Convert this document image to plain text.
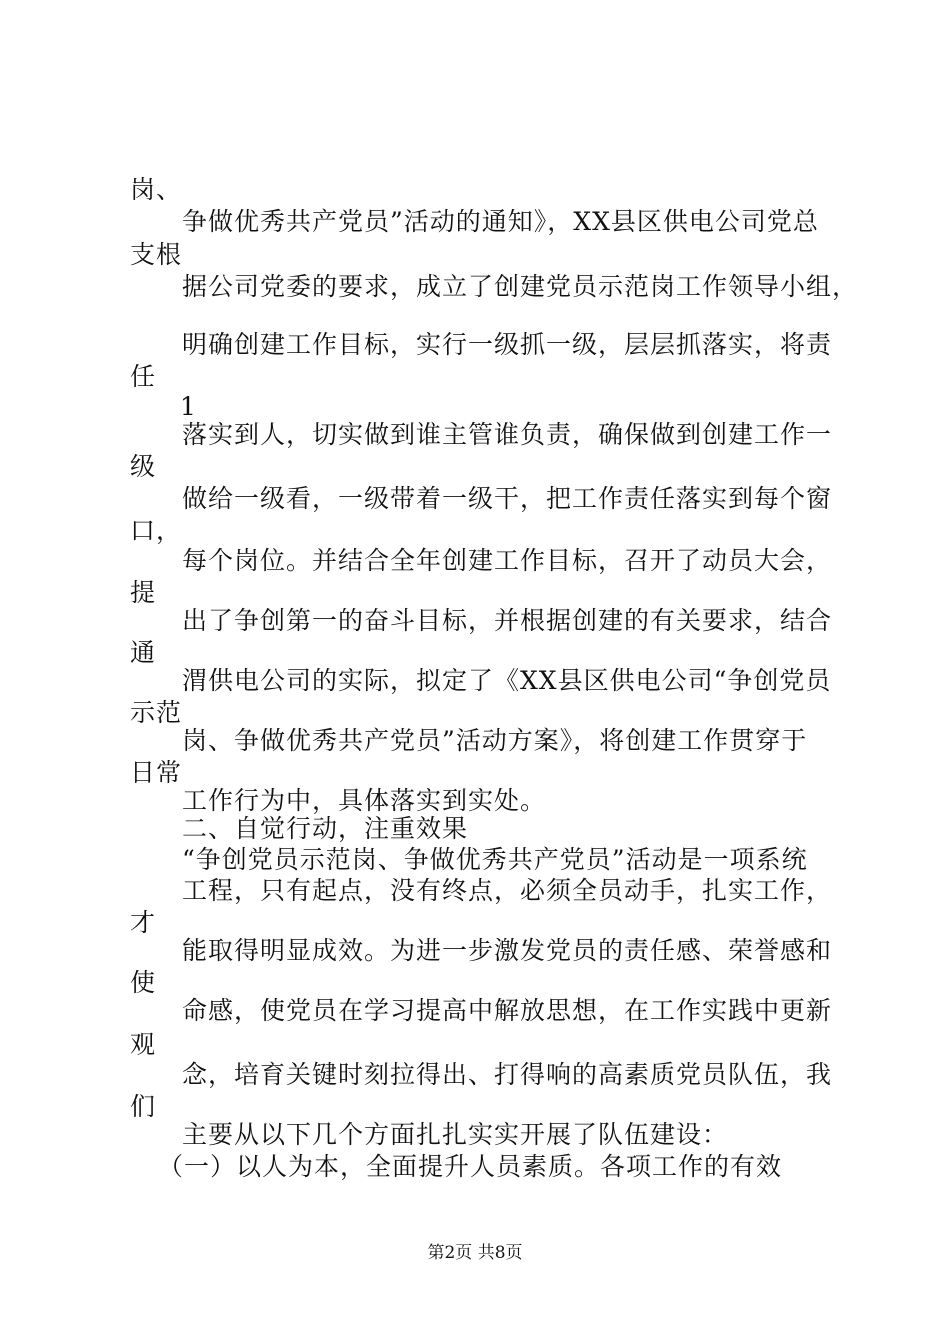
岗、
争做优秀共产党员”活动的通知》，XX县区供电公司党总
支根
据公司党委的要求，成立了创建党员示范岗工作领导小组，
明确创建工作目标，实行一级抓一级，层层抓落实，将责
任
1
落实到人，切实做到谁主管谁负责，确保做到创建工作一
级
做给一级看，一级带着一级干，把工作责任落实到每个窗
口，
每个岗位。并结合全年创建工作目标，召开了动员大会，
提
出了争创第一的奋斗目标，并根据创建的有关要求，结合
通
渭供电公司的实际，拟定了《XX县区供电公司“争创党员
示范
岗、争做优秀共产党员”活动方案》，将创建工作贯穿于
日常
工作行为中，具体落实到实处。
二、自觉行动，注重效果
“争创党员示范岗、争做优秀共产党员”活动是一项系统
工程，只有起点，没有终点，必须全员动手，扎实工作，
才
能取得明显成效。为进一步激发党员的责任感、荣誉感和
使
命感，使党员在学习提高中解放思想，在工作实践中更新
观
念，培育关键时刻拉得出、打得响的高素质党员队伍，我
们
主要从以下几个方面扎扎实实开展了队伍建设：
（一）以人为本，全面提升人员素质。各项工作的有效
第2页 共8页
